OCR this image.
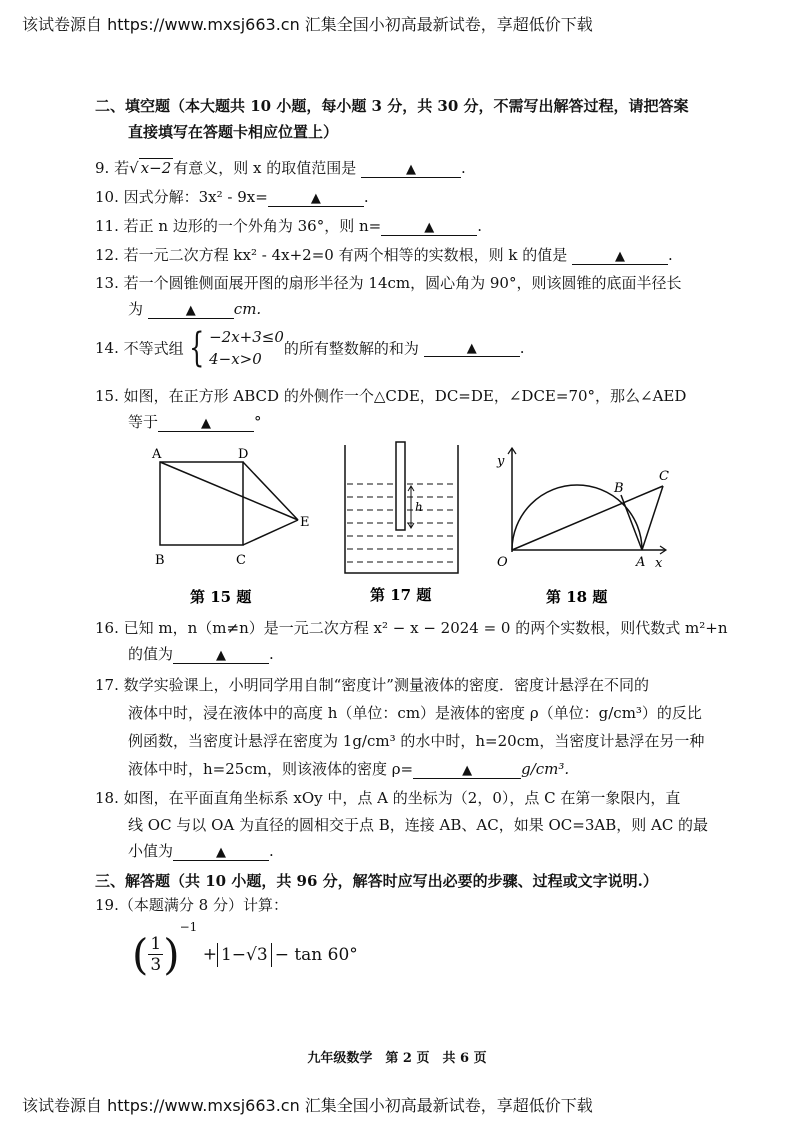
该试卷源自 https://www.mxsj663.cn 汇集全国小初高最新试卷，享超低价下载
二、填空题（本大题共 10 小题，每小题 3 分，共 30 分，不需写出解答过程，请把答案
直接填写在答题卡相应位置上）
9. 若√ x−2 有意义，则 x 的取值范围是	▲	.
10. 因式分解：3x² - 9x=	▲	.
11. 若正 n 边形的一个外角为 36°，则 n=	▲	.
12. 若一元二次方程 kx² - 4x+2=0 有两个相等的实数根，则 k 的值是	▲	.
13. 若一个圆锥侧面展开图的扇形半径为 14cm，圆心角为 90°，则该圆锥的底面半径长
为	▲	cm.
14. 不等式组 { −2x+3≤0
4−x>0
的所有整数解的和为	▲	.
15. 如图，在正方形 ABCD 的外侧作一个△CDE，DC=DE，∠DCE=70°，那么∠AED
等于	▲	°
A	D
E
B	C
h
y
x
O	A
B
C
第 15 题	第 17 题	第 18 题
16. 已知 m，n（m≠n）是一元二次方程 x² − x − 2024 = 0 的两个实数根，则代数式 m²+n
的值为	▲	.
17. 数学实验课上，小明同学用自制“密度计”测量液体的密度．密度计悬浮在不同的
液体中时，浸在液体中的高度 h（单位：cm）是液体的密度 ρ（单位：g/cm³）的反比
例函数，当密度计悬浮在密度为 1g/cm³ 的水中时，h=20cm，当密度计悬浮在另一种
液体中时，h=25cm，则该液体的密度 ρ=	▲	g/cm³.
18. 如图，在平面直角坐标系 xOy 中，点 A 的坐标为（2，0），点 C 在第一象限内，直
线 OC 与以 OA 为直径的圆相交于点 B，连接 AB、AC，如果 OC=3AB，则 AC 的最
小值为	▲	.
三、解答题（共 10 小题，共 96 分，解答时应写出必要的步骤、过程或文字说明.）
19.（本题满分 8 分）计算：
( $\frac{1}{3} )^{-1} + 1-√3 - \tan 60^\circ$
九年级数学　第 2 页　共 6 页
该试卷源自 https://www.mxsj663.cn 汇集全国小初高最新试卷，享超低价下载
